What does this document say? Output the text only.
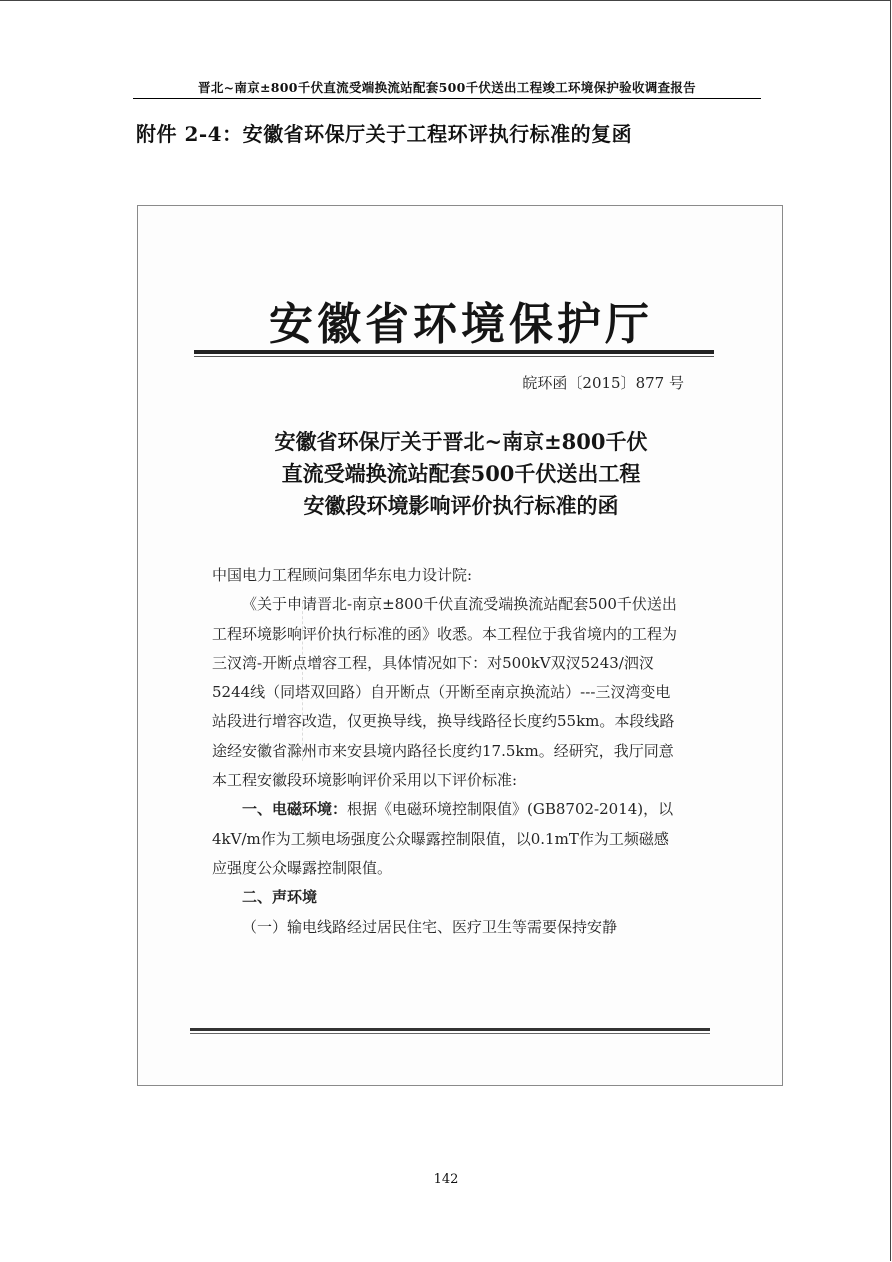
晋北~南京±800千伏直流受端换流站配套500千伏送出工程竣工环境保护验收调查报告
附件 2-4：安徽省环保厅关于工程环评执行标准的复函
安徽省环境保护厅
皖环函〔2015〕877 号
安徽省环保厅关于晋北~南京±800千伏
直流受端换流站配套500千伏送出工程
安徽段环境影响评价执行标准的函

中国电力工程顾问集团华东电力设计院:

《关于申请晋北-南京±800千伏直流受端换流站配套500千伏送出工程环境影响评价执行标准的函》收悉。本工程位于我省境内的工程为三汊湾-开断点增容工程，具体情况如下：对500kV双汊5243/泗汊5244线（同塔双回路）自开断点（开断至南京换流站）---三汊湾变电站段进行增容改造，仅更换导线，换导线路径长度约55km。本段线路途经安徽省滁州市来安县境内路径长度约17.5km。经研究，我厅同意本工程安徽段环境影响评价采用以下评价标准:

一、电磁环境：根据《电磁环境控制限值》(GB8702-2014)，以4kV/m作为工频电场强度公众曝露控制限值，以0.1mT作为工频磁感应强度公众曝露控制限值。

二、声环境

（一）输电线路经过居民住宅、医疗卫生等需要保持安静

142
